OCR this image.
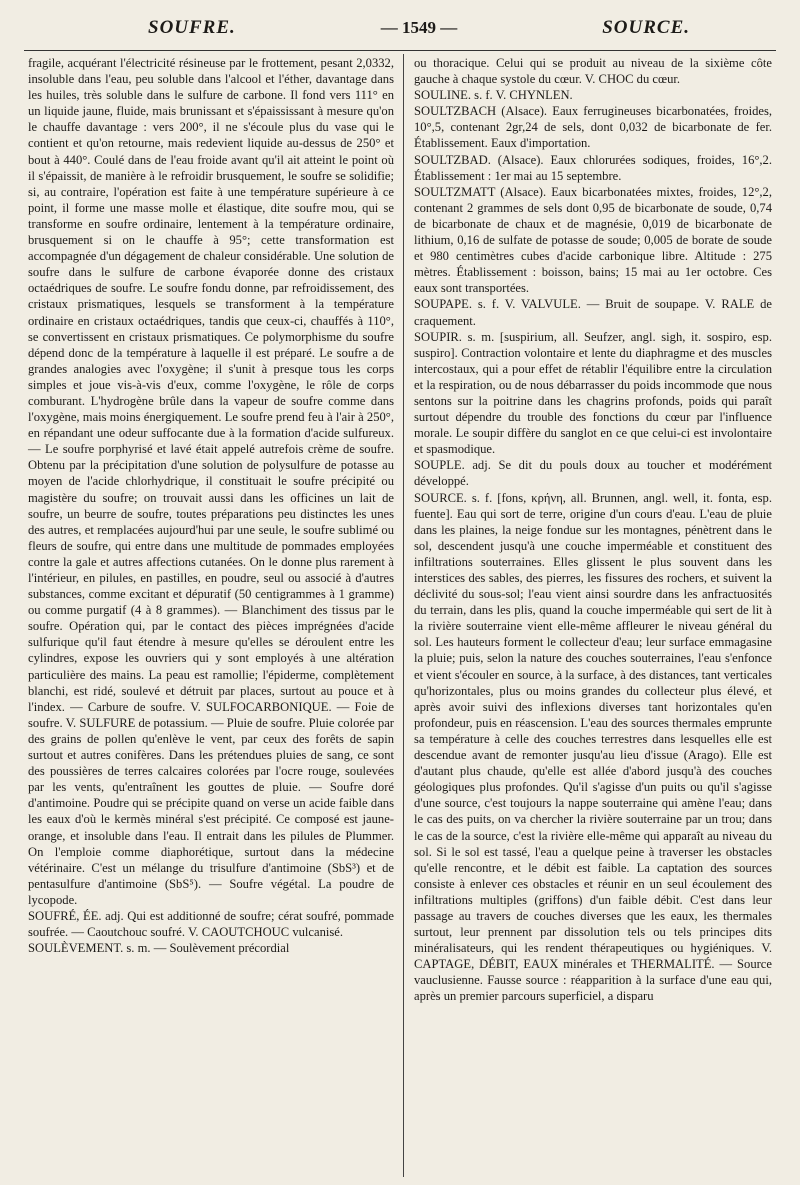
SOUFRE.	— 1549 —	SOURCE.

fragile, acquérant l'électricité résineuse par le frottement, pesant 2,0332, insoluble dans l'eau, peu soluble dans l'alcool et l'éther, davantage dans les huiles, très soluble dans le sulfure de carbone. Il fond vers 111° en un liquide jaune, fluide, mais brunissant et s'épaississant à mesure qu'on le chauffe davantage : vers 200°, il ne s'écoule plus du vase qui le contient et qu'on retourne, mais redevient liquide au-dessus de 250° et bout à 440°. Coulé dans de l'eau froide avant qu'il ait atteint le point où il s'épaissit, de manière à le refroidir brusquement, le soufre se solidifie; si, au contraire, l'opération est faite à une température supérieure à ce point, il forme une masse molle et élastique, dite soufre mou, qui se transforme en soufre ordinaire, lentement à la température ordinaire, brusquement si on le chauffe à 95°; cette transformation est accompagnée d'un dégagement de chaleur considérable. Une solution de soufre dans le sulfure de carbone évaporée donne des cristaux octaédriques de soufre. Le soufre fondu donne, par refroidissement, des cristaux prismatiques, lesquels se transforment à la température ordinaire en cristaux octaédriques, tandis que ceux-ci, chauffés à 110°, se convertissent en cristaux prismatiques. Ce polymorphisme du soufre dépend donc de la température à laquelle il est préparé. Le soufre a de grandes analogies avec l'oxygène; il s'unit à presque tous les corps simples et joue vis-à-vis d'eux, comme l'oxygène, le rôle de corps comburant. L'hydrogène brûle dans la vapeur de soufre comme dans l'oxygène, mais moins énergiquement. Le soufre prend feu à l'air à 250°, en répandant une odeur suffocante due à la formation d'acide sulfureux. — Le soufre porphyrisé et lavé était appelé autrefois crème de soufre. Obtenu par la précipitation d'une solution de polysulfure de potasse au moyen de l'acide chlorhydrique, il constituait le soufre précipité ou magistère du soufre; on trouvait aussi dans les officines un lait de soufre, un beurre de soufre, toutes préparations peu distinctes les unes des autres, et remplacées aujourd'hui par une seule, le soufre sublimé ou fleurs de soufre, qui entre dans une multitude de pommades employées contre la gale et autres affections cutanées. On le donne plus rarement à l'intérieur, en pilules, en pastilles, en poudre, seul ou associé à d'autres substances, comme excitant et dépuratif (50 centigrammes à 1 gramme) ou comme purgatif (4 à 8 grammes). — Blanchiment des tissus par le soufre. Opération qui, par le contact des pièces imprégnées d'acide sulfurique qu'il faut étendre à mesure qu'elles se déroulent entre les cylindres, expose les ouvriers qui y sont employés à une altération particulière des mains. La peau est ramollie; l'épiderme, complètement blanchi, est ridé, soulevé et détruit par places, surtout au pouce et à l'index. — Carbure de soufre. V. SULFOCARBONIQUE. — Foie de soufre. V. SULFURE de potassium. — Pluie de soufre. Pluie colorée par des grains de pollen qu'enlève le vent, par ceux des forêts de sapin surtout et autres conifères. Dans les prétendues pluies de sang, ce sont des poussières de terres calcaires colorées par l'ocre rouge, soulevées par les vents, qu'entraînent les gouttes de pluie. — Soufre doré d'antimoine. Poudre qui se précipite quand on verse un acide faible dans les eaux d'où le kermès minéral s'est précipité. Ce composé est jaune-orange, et insoluble dans l'eau. Il entrait dans les pilules de Plummer. On l'emploie comme diaphorétique, surtout dans la médecine vétérinaire. C'est un mélange du trisulfure d'antimoine (SbS³) et de pentasulfure d'antimoine (SbS⁵). — Soufre végétal. La poudre de lycopode.

SOUFRÉ, ÉE. adj. Qui est additionné de soufre; cérat soufré, pommade soufrée. — Caoutchouc soufré. V. CAOUTCHOUC vulcanisé.

SOULÈVEMENT. s. m. — Soulèvement précordial

ou thoracique. Celui qui se produit au niveau de la sixième côte gauche à chaque systole du cœur. V. CHOC du cœur.

SOULINE. s. f. V. CHYNLEN.

SOULTZBACH (Alsace). Eaux ferrugineuses bicarbonatées, froides, 10°,5, contenant 2gr,24 de sels, dont 0,032 de bicarbonate de fer. Établissement. Eaux d'importation.

SOULTZBAD. (Alsace). Eaux chlorurées sodiques, froides, 16°,2. Établissement : 1er mai au 15 septembre.

SOULTZMATT (Alsace). Eaux bicarbonatées mixtes, froides, 12°,2, contenant 2 grammes de sels dont 0,95 de bicarbonate de soude, 0,74 de bicarbonate de chaux et de magnésie, 0,019 de bicarbonate de lithium, 0,16 de sulfate de potasse de soude; 0,005 de borate de soude et 980 centimètres cubes d'acide carbonique libre. Altitude : 275 mètres. Établissement : boisson, bains; 15 mai au 1er octobre. Ces eaux sont transportées.

SOUPAPE. s. f. V. VALVULE. — Bruit de soupape. V. RALE de craquement.

SOUPIR. s. m. [suspirium, all. Seufzer, angl. sigh, it. sospiro, esp. suspiro]. Contraction volontaire et lente du diaphragme et des muscles intercostaux, qui a pour effet de rétablir l'équilibre entre la circulation et la respiration, ou de nous débarrasser du poids incommode que nous sentons sur la poitrine dans les chagrins profonds, poids qui paraît surtout dépendre du trouble des fonctions du cœur par l'influence morale. Le soupir diffère du sanglot en ce que celui-ci est involontaire et spasmodique.

SOUPLE. adj. Se dit du pouls doux au toucher et modérément développé.

SOURCE. s. f. [fons, κρήνη, all. Brunnen, angl. well, it. fonta, esp. fuente]. Eau qui sort de terre, origine d'un cours d'eau. L'eau de pluie dans les plaines, la neige fondue sur les montagnes, pénètrent dans le sol, descendent jusqu'à une couche imperméable et constituent des infiltrations souterraines. Elles glissent le plus souvent dans les interstices des sables, des pierres, les fissures des rochers, et suivent la déclivité du sous-sol; l'eau vient ainsi sourdre dans les anfractuosités du terrain, dans les plis, quand la couche imperméable qui sert de lit à la rivière souterraine vient elle-même affleurer le niveau général du sol. Les hauteurs forment le collecteur d'eau; leur surface emmagasine la pluie; puis, selon la nature des couches souterraines, l'eau s'enfonce et vient s'écouler en source, à la surface, à des distances, tant verticales qu'horizontales, plus ou moins grandes du collecteur plus élevé, et après avoir suivi des inflexions diverses tant horizontales qu'en profondeur, puis en réascension. L'eau des sources thermales emprunte sa température à celle des couches terrestres dans lesquelles elle est descendue avant de remonter jusqu'au lieu d'issue (Arago). Elle est d'autant plus chaude, qu'elle est allée d'abord jusqu'à des couches géologiques plus profondes. Qu'il s'agisse d'un puits ou qu'il s'agisse d'une source, c'est toujours la nappe souterraine qui amène l'eau; dans le cas des puits, on va chercher la rivière souterraine par un trou; dans le cas de la source, c'est la rivière elle-même qui apparaît au niveau du sol. Si le sol est tassé, l'eau a quelque peine à traverser les obstacles qu'elle rencontre, et le débit est faible. La captation des sources consiste à enlever ces obstacles et réunir en un seul écoulement des infiltrations multiples (griffons) d'un faible débit. C'est dans leur passage au travers de couches diverses que les eaux, les thermales surtout, leur prennent par dissolution tels ou tels principes dits minéralisateurs, qui les rendent thérapeutiques ou hygiéniques. V. CAPTAGE, DÉBIT, EAUX minérales et THERMALITÉ. — Source vauclusienne. Fausse source : réapparition à la surface d'une eau qui, après un premier parcours superficiel, a disparu
